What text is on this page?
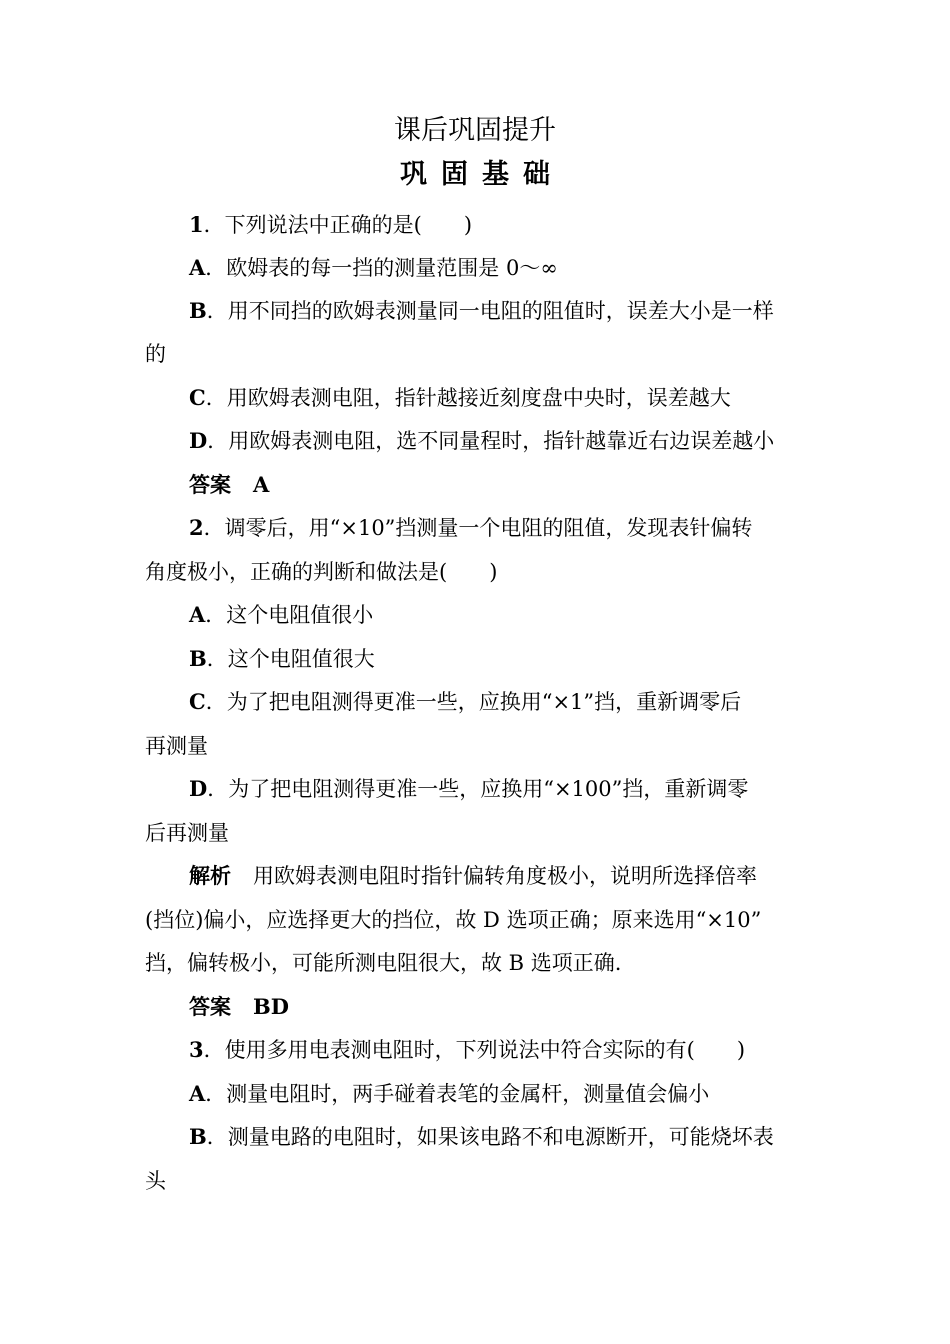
课后巩固提升
巩固基础
1．下列说法中正确的是(　　)
A．欧姆表的每一挡的测量范围是 0～∞
B．用不同挡的欧姆表测量同一电阻的阻值时，误差大小是一样
的
C．用欧姆表测电阻，指针越接近刻度盘中央时，误差越大
D．用欧姆表测电阻，选不同量程时，指针越靠近右边误差越小
答案 A
2．调零后，用“×10”挡测量一个电阻的阻值，发现表针偏转
角度极小，正确的判断和做法是(　　)
A．这个电阻值很小
B．这个电阻值很大
C．为了把电阻测得更准一些，应换用“×1”挡，重新调零后
再测量
D．为了把电阻测得更准一些，应换用“×100”挡，重新调零
后再测量
解析 用欧姆表测电阻时指针偏转角度极小，说明所选择倍率
(挡位)偏小，应选择更大的挡位，故 D 选项正确；原来选用“×10”
挡，偏转极小，可能所测电阻很大，故 B 选项正确.
答案 BD
3．使用多用电表测电阻时，下列说法中符合实际的有(　　)
A．测量电阻时，两手碰着表笔的金属杆，测量值会偏小
B．测量电路的电阻时，如果该电路不和电源断开，可能烧坏表
头
